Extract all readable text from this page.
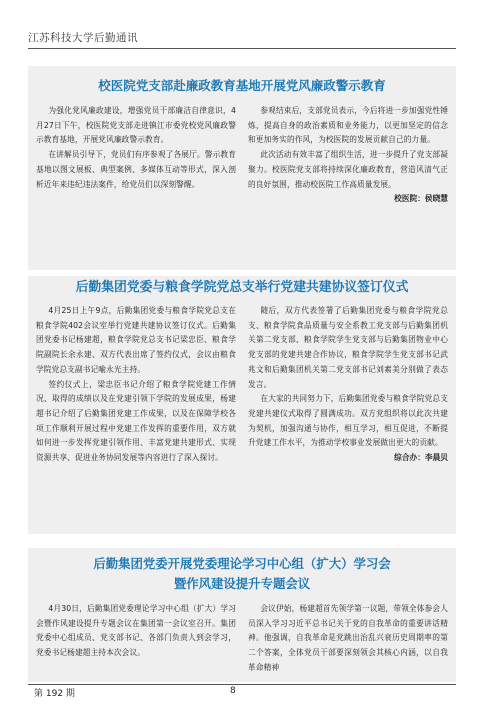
江苏科技大学后勤通讯
校医院党支部赴廉政教育基地开展党风廉政警示教育

为强化党风廉政建设，增强党员干部廉洁自律意识，4月27日下午，校医院党支部走进镇江市委党校党风廉政警示教育基地，开展党风廉政警示教育。

在讲解员引导下，党员们有序参观了各展厅。警示教育基地以图文展板、典型案例、多媒体互动等形式，深入剖析近年来违纪违法案件，给党员们以深刻警醒。

参观结束后，支部党员表示，今后将进一步加强党性锤炼，提高自身的政治素质和业务能力，以更加坚定的信念和更加务实的作风，为校医院的发展贡献自己的力量。

此次活动有效丰富了组织生活，进一步提升了党支部凝聚力。校医院党支部将持续深化廉政教育，营造风清气正的良好氛围，推动校医院工作高质量发展。

校医院：侯晓慧

后勤集团党委与粮食学院党总支举行党建共建协议签订仪式

4月25日上午9点，后勤集团党委与粮食学院党总支在粮食学院402会议室举行党建共建协议签订仪式。后勤集团党委书记杨建超，粮食学院党总支书记梁忠臣、粮食学院副院长余永建、双方代表出席了签约仪式，会议由粮食学院党总支副书记喻永光主持。

签约仪式上，梁忠臣书记介绍了粮食学院党建工作情况、取得的成绩以及在党建引领下学院的发展成果，杨建超书记介绍了后勤集团党建工作成果，以及在保障学校各项工作顺利开展过程中党建工作发挥的重要作用，双方就如何进一步发挥党建引领作用、丰富党建共建形式、实现资源共享、促进业务协同发展等内容进行了深入探讨。

随后，双方代表签署了后勤集团党委与粮食学院党总支、粮食学院食品质量与安全系教工党支部与后勤集团机关第二党支部、粮食学院学生党支部与后勤集团物业中心党支部的党建共建合作协议，粮食学院学生党支部书记武兆文和后勤集团机关第二党支部书记刘素美分别做了表态发言。

在大家的共同努力下，后勤集团党委与粮食学院党总支党建共建仪式取得了圆满成功。双方党组织将以此次共建为契机，加强沟通与协作，相互学习，相互促进，不断提升党建工作水平，为推动学校事业发展做出更大的贡献。

综合办：李晨贝

后勤集团党委开展党委理论学习中心组（扩大）学习会
暨作风建设提升专题会议

4月30日，后勤集团党委理论学习中心组（扩大）学习会暨作风建设提升专题会议在集团第一会议室召开。集团党委中心组成员、党支部书记、各部门负责人到会学习，党委书记杨建超主持本次会议。

会议伊始，杨建超首先领学第一议题，带领全体参会人员深入学习习近平总书记关于党的自我革命的重要讲话精神。他强调，自我革命是党跳出治乱兴衰历史周期率的第二个答案，全体党员干部要深刻领会其核心内涵，以自我革命精神

第 192 期	8
